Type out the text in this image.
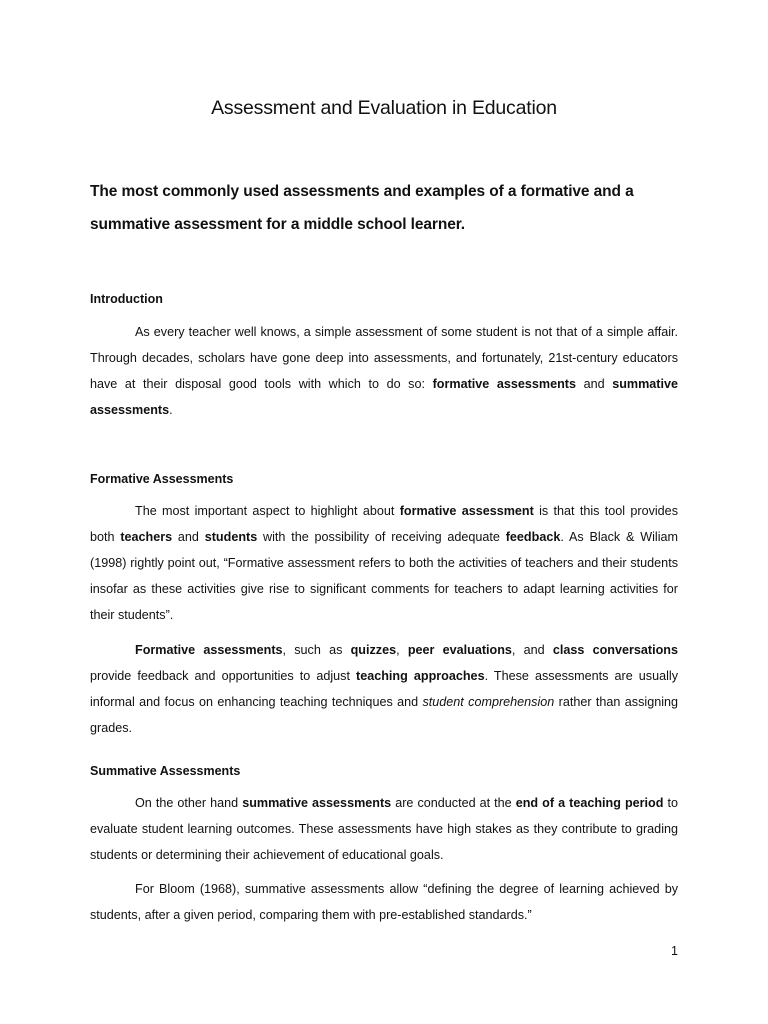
Assessment and Evaluation in Education
The most commonly used assessments and examples of a formative and a summative assessment for a middle school learner.
Introduction

As every teacher well knows, a simple assessment of some student is not that of a simple affair. Through decades, scholars have gone deep into assessments, and fortunately, 21st-century educators have at their disposal good tools with which to do so: formative assessments and summative assessments.

Formative Assessments

The most important aspect to highlight about formative assessment is that this tool provides both teachers and students with the possibility of receiving adequate feedback. As Black & Wiliam (1998) rightly point out, “Formative assessment refers to both the activities of teachers and their students insofar as these activities give rise to significant comments for teachers to adapt learning activities for their students”.

Formative assessments, such as quizzes, peer evaluations, and class conversations provide feedback and opportunities to adjust teaching approaches. These assessments are usually informal and focus on enhancing teaching techniques and student comprehension rather than assigning grades.

Summative Assessments

On the other hand summative assessments are conducted at the end of a teaching period to evaluate student learning outcomes. These assessments have high stakes as they contribute to grading students or determining their achievement of educational goals.

For Bloom (1968), summative assessments allow “defining the degree of learning achieved by students, after a given period, comparing them with pre-established standards.”

1
